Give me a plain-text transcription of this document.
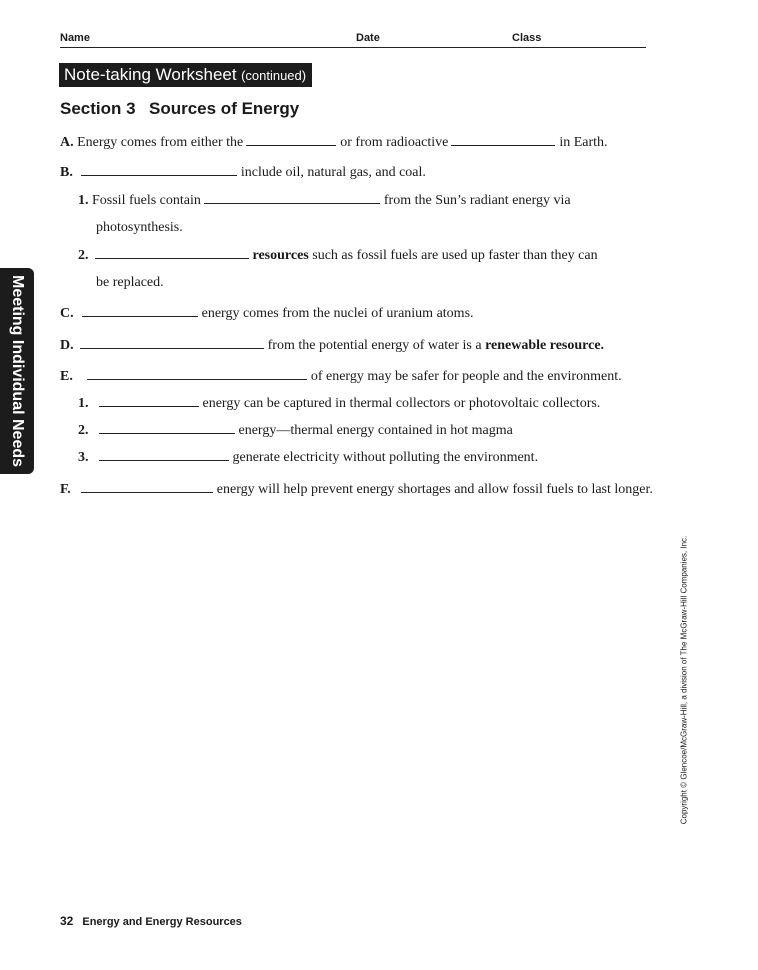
Name	Date	Class
Note-taking Worksheet (continued)
Section 3 Sources of Energy
A. Energy comes from either the	or from radioactive	in Earth.
B.	include oil, natural gas, and coal.
1. Fossil fuels contain	from the Sun’s radiant energy via
photosynthesis.
2.	resources such as fossil fuels are used up faster than they can
be replaced.
C.	energy comes from the nuclei of uranium atoms.
D.	from the potential energy of water is a renewable resource.
E.	of energy may be safer for people and the environment.
1.	energy can be captured in thermal collectors or photovoltaic collectors.
2.	energy—thermal energy contained in hot magma
3.	generate electricity without polluting the environment.
F.	energy will help prevent energy shortages and allow fossil fuels to last longer.
Meeting Individual Needs
Copyright © Glencoe/McGraw-Hill, a division of The McGraw-Hill Companies, Inc.
32 Energy and Energy Resources
